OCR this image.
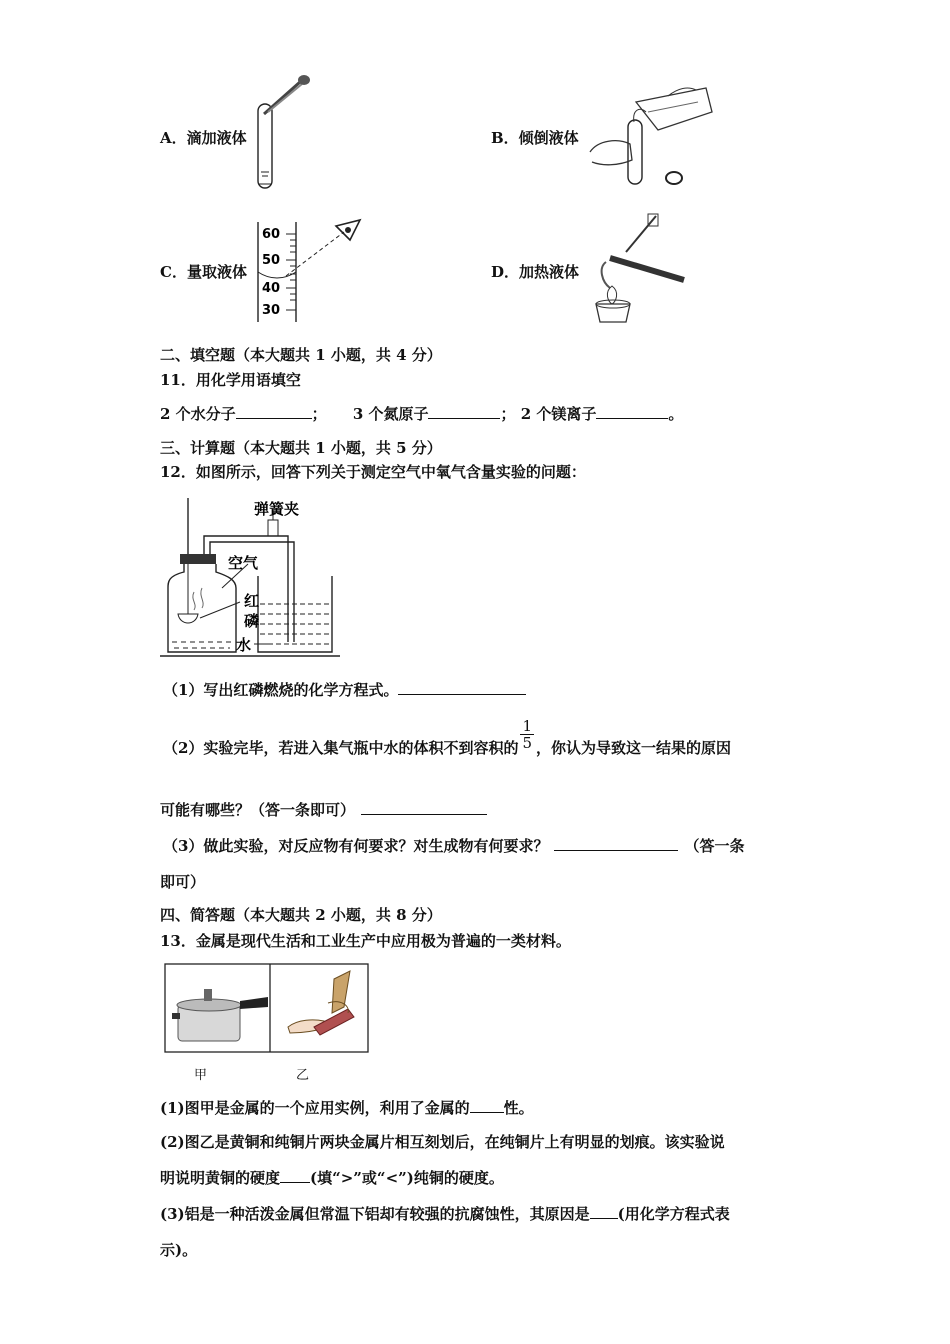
A．滴加液体	B．倾倒液体
C．量取液体
60
50
40
30
D．加热液体
二、填空题（本大题共 1 小题，共 4 分）
11．用化学用语填空
2 个水分子	； 3 个氮原子	； 2 个镁离子	。
三、计算题（本大题共 1 小题，共 5 分）
12．如图所示，回答下列关于测定空气中氧气含量实验的问题：
弹簧夹
空气
红
磷
水
（1）写出红磷燃烧的化学方程式。
（2）实验完毕，若进入集气瓶中水的体积不到容积的 $\frac{1}{5}$ ，你认为导致这一结果的原因
可能有哪些？（答一条即可）
（3）做此实验，对反应物有何要求？对生成物有何要求？	（答一条
即可）
四、简答题（本大题共 2 小题，共 8 分）
13．金属是现代生活和工业生产中应用极为普遍的一类材料。
甲	乙
(1)图甲是金属的一个应用实例，利用了金属的 性。
(2)图乙是黄铜和纯铜片两块金属片相互刻划后，在纯铜片上有明显的划痕。该实验说
明说明黄铜的硬度 (填“>”或“<”)纯铜的硬度。
(3)铝是一种活泼金属但常温下铝却有较强的抗腐蚀性，其原因是 (用化学方程式表
示)。
